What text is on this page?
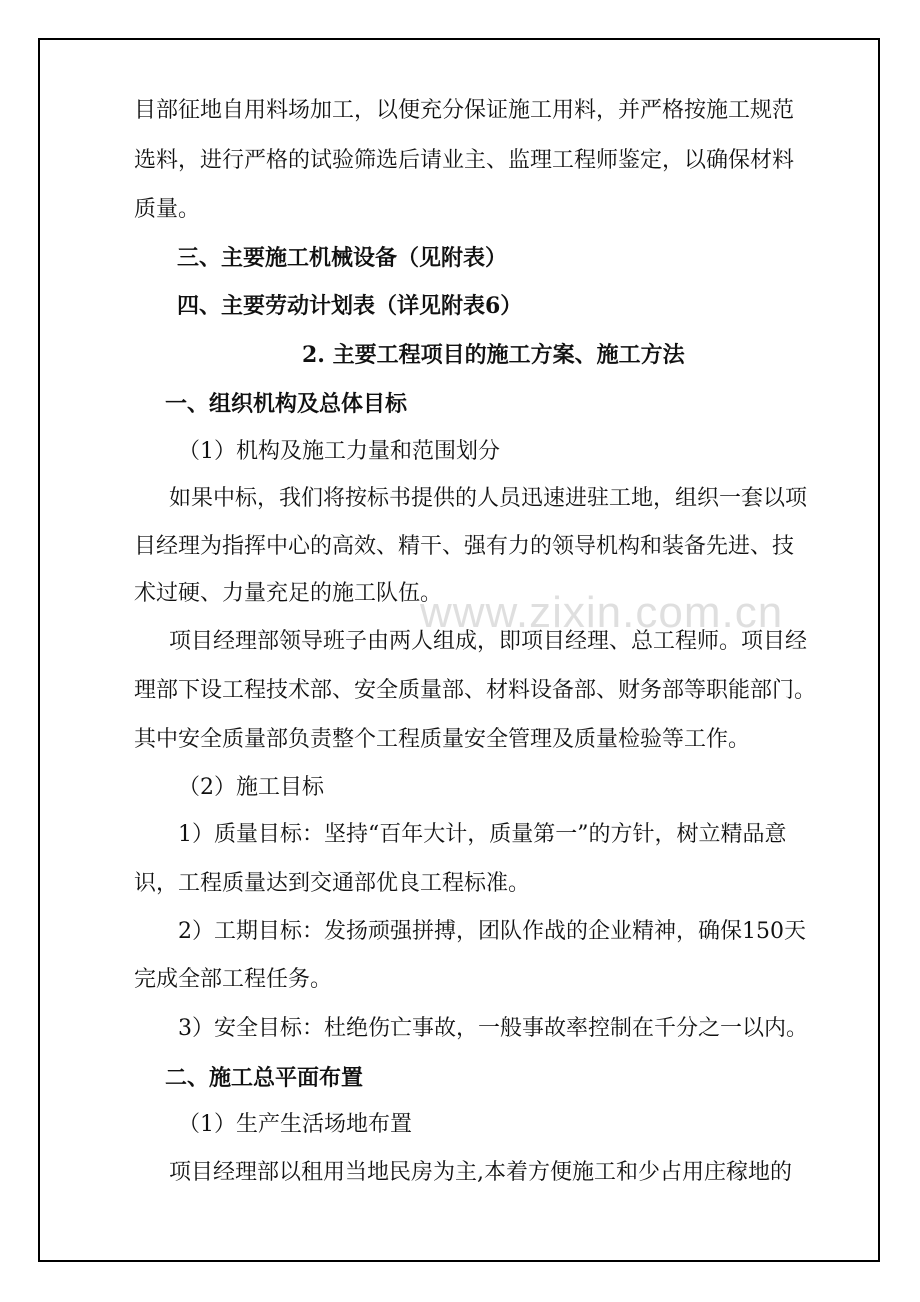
www.zixin.com.cn
目部征地自用料场加工，以便充分保证施工用料，并严格按施工规范
选料，进行严格的试验筛选后请业主、监理工程师鉴定，以确保材料
质量。
三、主要施工机械设备（见附表）
四、主要劳动计划表（详见附表6）
2. 主要工程项目的施工方案、施工方法
一、组织机构及总体目标
（1）机构及施工力量和范围划分
如果中标，我们将按标书提供的人员迅速进驻工地，组织一套以项
目经理为指挥中心的高效、精干、强有力的领导机构和装备先进、技
术过硬、力量充足的施工队伍。
项目经理部领导班子由两人组成，即项目经理、总工程师。项目经
理部下设工程技术部、安全质量部、材料设备部、财务部等职能部门。
其中安全质量部负责整个工程质量安全管理及质量检验等工作。
（2）施工目标
1）质量目标：坚持“百年大计，质量第一”的方针，树立精品意
识，工程质量达到交通部优良工程标准。
2）工期目标：发扬顽强拼搏，团队作战的企业精神，确保150天
完成全部工程任务。
3）安全目标：杜绝伤亡事故，一般事故率控制在千分之一以内。
二、施工总平面布置
（1）生产生活场地布置
项目经理部以租用当地民房为主,本着方便施工和少占用庄稼地的
